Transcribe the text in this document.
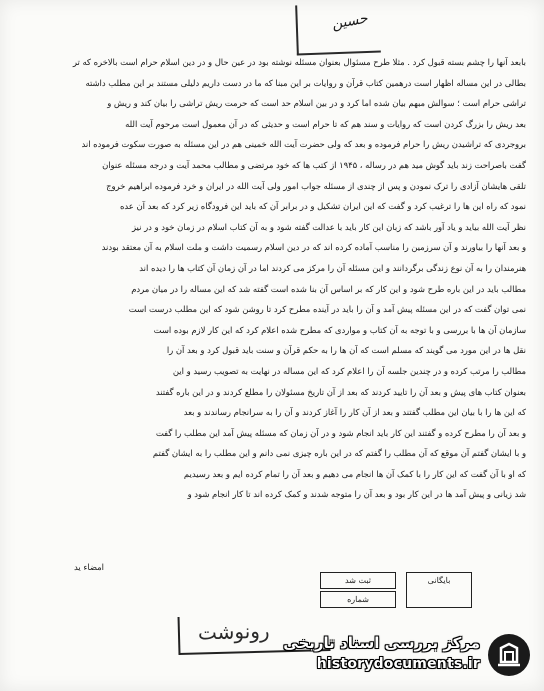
حسین
بابعد آنها را چشم بسته قبول کرد . مثلا طرح مسئوال بعنوان مسئله نوشته بود در عین حال و در دین اسلام حرام است بالاخره که تر
بطالی در این مساله اظهار است درهمین کتاب قرآن و روایات بر این مبنا که ما در دست داریم دلیلی مستند بر این مطلب داشته
تراشی حرام است ؛ سوالش مبهم بیان شده اما کرد و در بین اسلام حد است که حرمت ریش تراشی را بیان کند و ریش و
بعد ریش را بزرگ کردن است که روایات و سند هم که تا حرام است و حدیثی که در آن معمول است مرحوم آیت الله
بروجردی که تراشیدن ریش را حرام فرموده و بعد که ولی حضرت آیت الله خمینی هم در این مسئله به صورت سکوت فرموده اند
گفت باصراحت زند باید گوش مید هم در رساله ، ۱۹۴۵ از کتب ها که خود مرتضی و مطالب محمد آیت و درجه مسئله عنوان
تلقی هایشان آزادی را ترک نمودن و پس از چندی از مسئله جواب امور ولی آیت الله در ایران و خرد فرموده ابراهیم خروج
نمود که راه این ها را ترغیب کرد و گفت که این ایران تشکیل و در برابر آن که باید این فرودگاه زیر کرد که بعد آن عده
نظر آیت الله بیاید و یاد آور باشد که زبان این کار باید با عدالت گفته شود و به آن کتاب اسلام در زمان خود و در نیز
و بعد آنها را بیاورند و آن سرزمین را مناسب آماده کرده اند که در دین اسلام رسمیت داشت و ملت اسلام به آن معتقد بودند
هنرمندان را به آن نوع زندگی برگردانند و این مسئله آن را مرکز می کردند اما در آن زمان آن کتاب ها را دیده اند
مطالب باید در این باره طرح شود و این کار که بر اساس آن بنا شده است گفته شد که این مساله را در میان مردم
نمی توان گفت که در این مسئله پیش آمد و آن را باید در آینده مطرح کرد تا روشن شود که این مطلب درست است
سازمان آن ها با بررسی و با توجه به آن کتاب و مواردی که مطرح شده اعلام کرد که این کار لازم بوده است
نقل ها در این مورد می گویند که مسلم است که آن ها را به حکم قرآن و سنت باید قبول کرد و بعد آن را
مطالب را مرتب کرده و در چندین جلسه آن را اعلام کرد که این مساله در نهایت به تصویب رسید و این
بعنوان کتاب های پیش و بعد آن را تایید کردند که بعد از آن تاریخ مسئولان را مطلع کردند و در این باره گفتند
که این ها را با بیان این مطلب گفتند و بعد از آن کار را آغاز کردند و آن را به سرانجام رساندند و بعد
و بعد آن را مطرح کرده و گفتند این کار باید انجام شود و در آن زمان که مسئله پیش آمد این مطلب را گفت
و با ایشان گفتم آن موقع که آن مطلب را گفتم که در این باره چیزی نمی دانم و این مطلب را به ایشان گفتم
که او با آن گفت که این کار را با کمک آن ها انجام می دهیم و بعد آن را تمام کرده ایم و بعد رسیدیم
شد زیانی و پیش آمد ها در این کار بود و بعد آن را متوجه شدند و کمک کرده اند تا کار انجام شود و
امضاء ید
ثبت شد
شماره
بایگانی
رونوشت مرکز بررسی اسناد تاریخی
historydocuments.ir
